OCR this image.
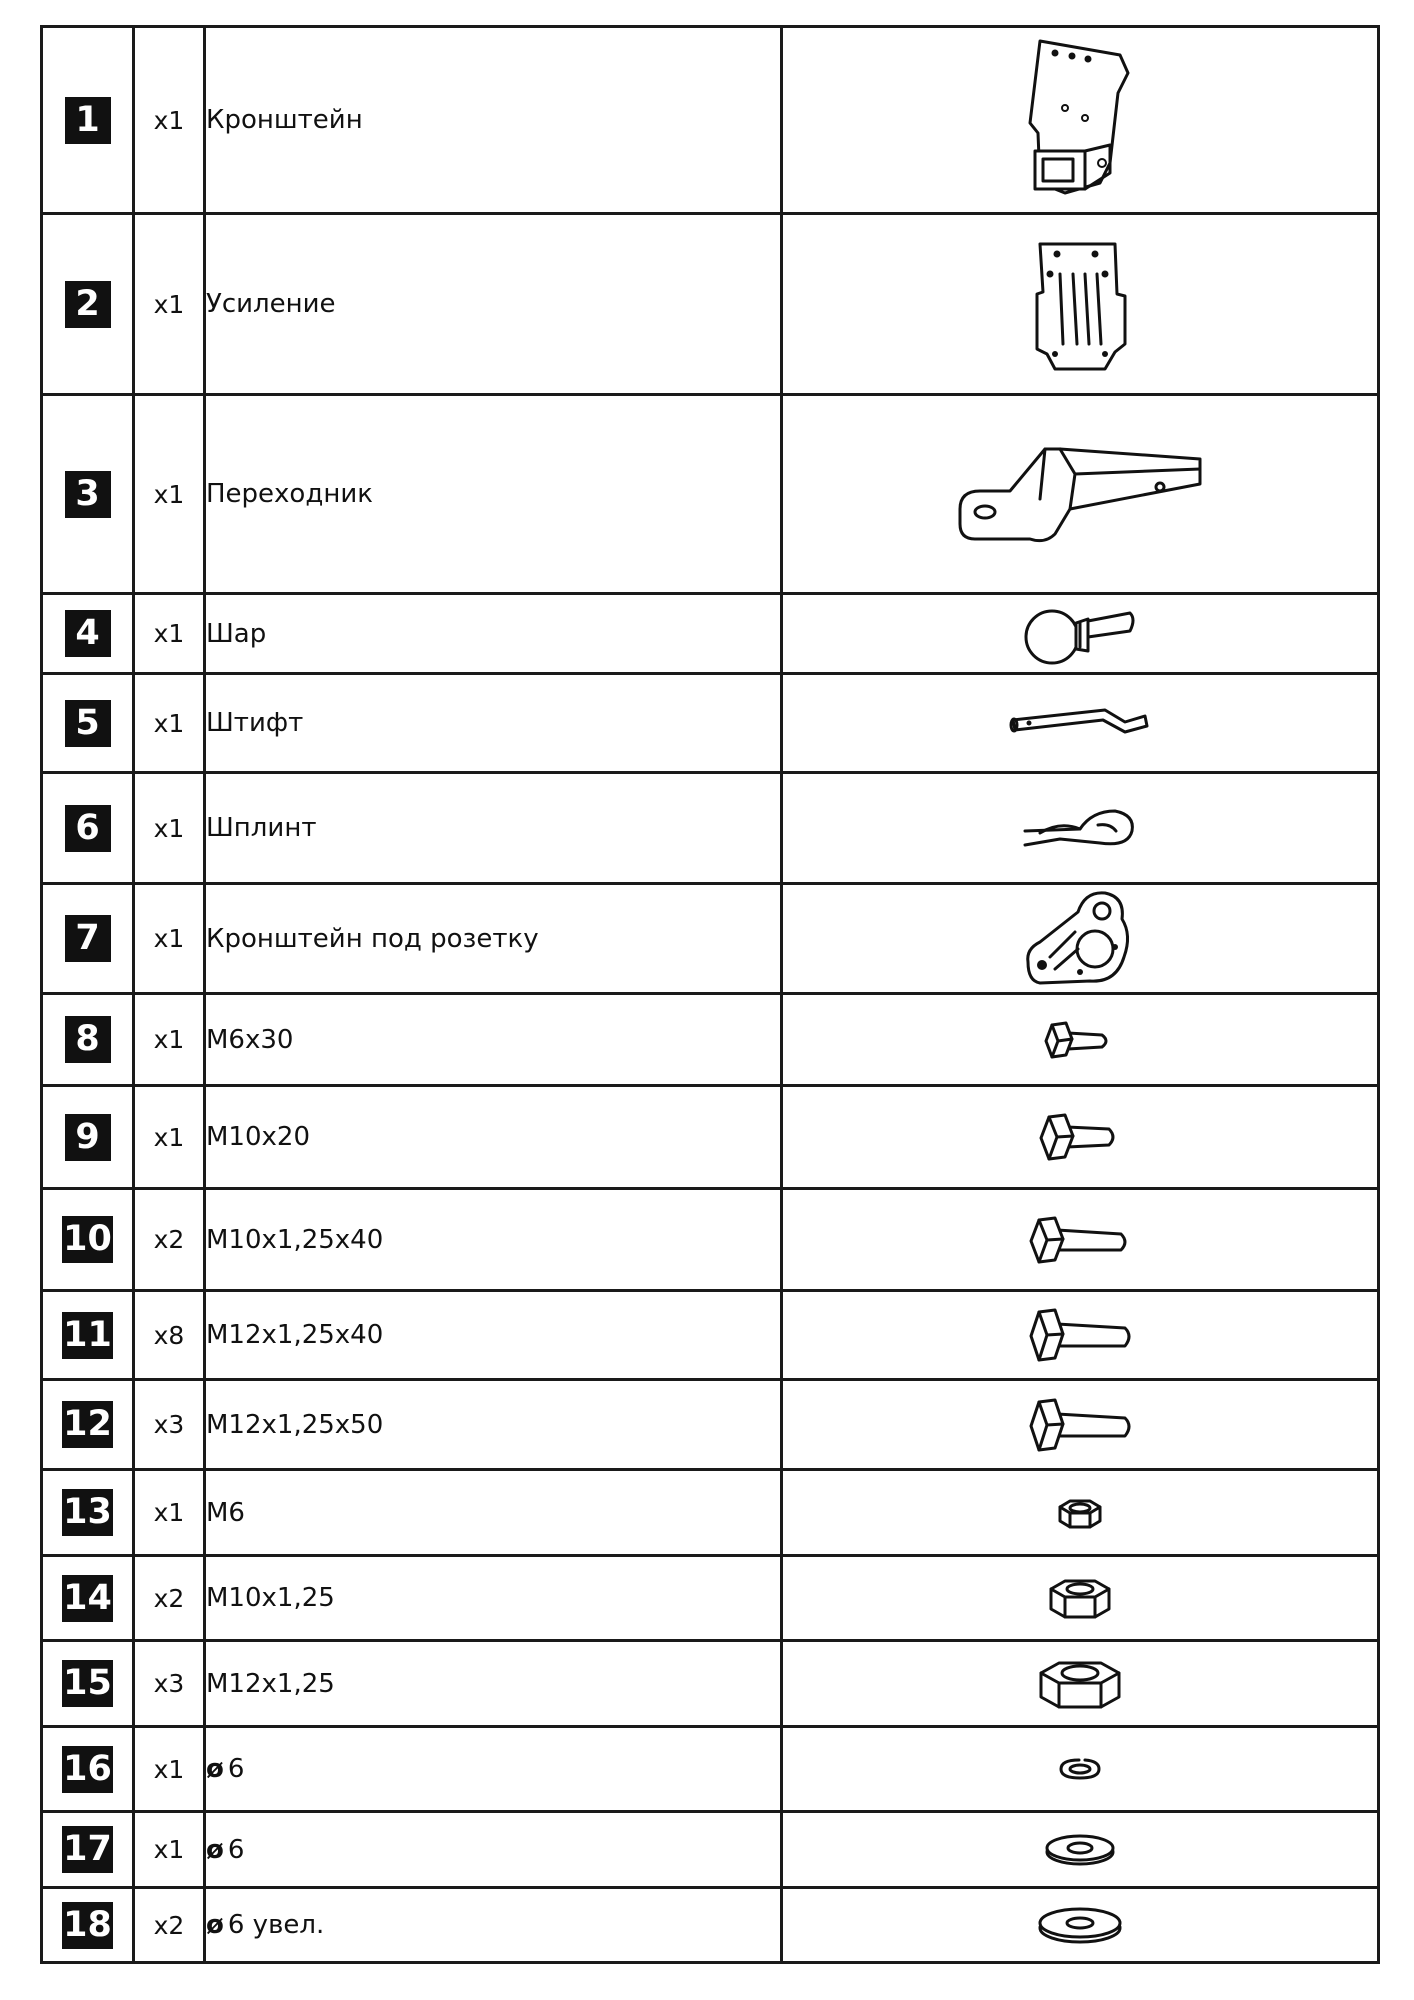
1	x1	Кронштейн	

2	x1	Усиление	

3	x1	Переходник	

4	x1	Шар	

5	x1	Штифт	

6	x1	Шплинт	

7	x1	Кронштейн под розетку	

8	x1	М6х30	

9	x1	М10х20	

10	x2	М10х1,25х40	

11	x8	М12х1,25х40	

12	x3	М12х1,25х50	

13	x1	М6	

14	x2	М10х1,25	

15	x3	М12х1,25	

16	x1	ø 6	

17	x1	ø 6	

18	x2	ø 6 увел.	
